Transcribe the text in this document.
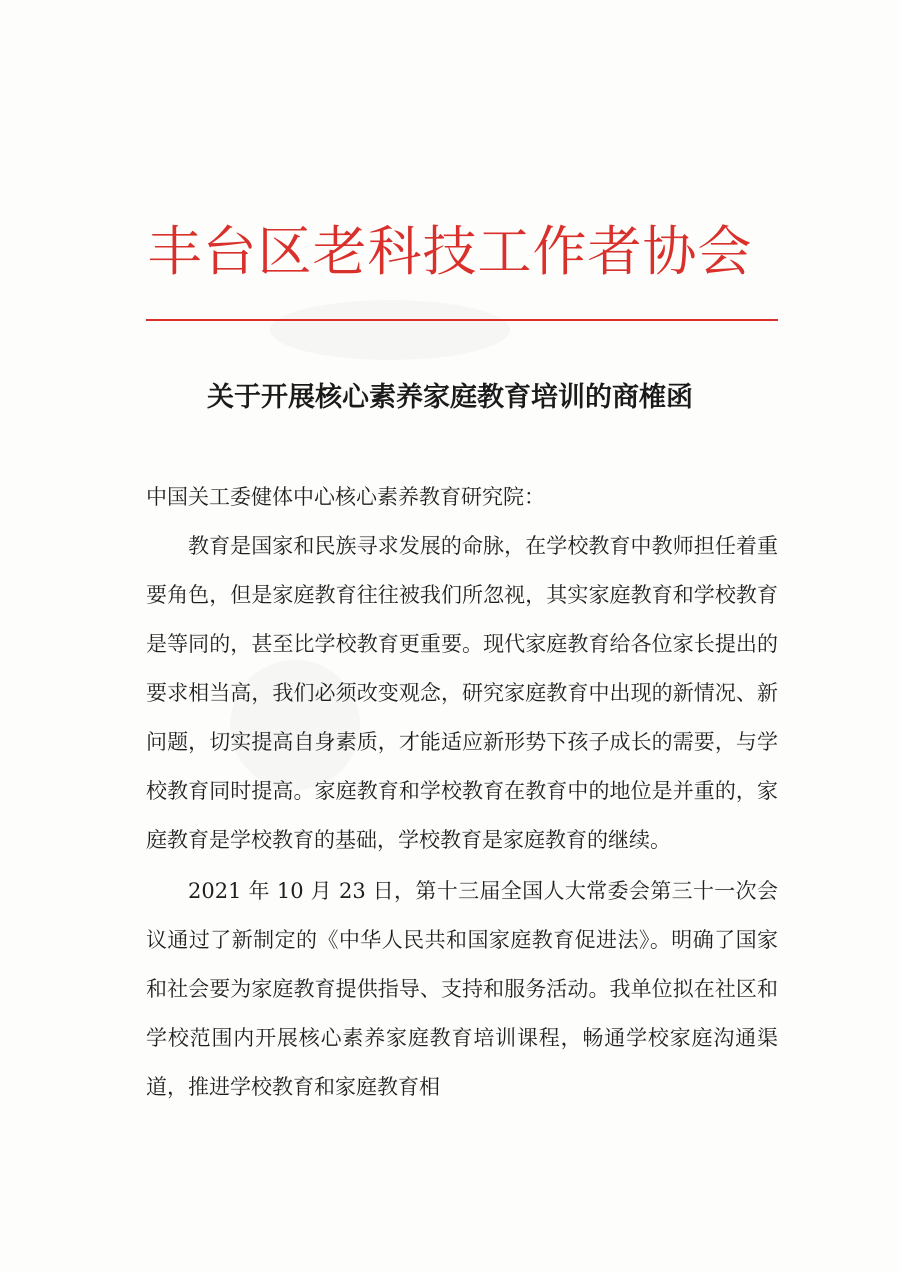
丰台区老科技工作者协会
关于开展核心素养家庭教育培训的商榷函

中国关工委健体中心核心素养教育研究院：

教育是国家和民族寻求发展的命脉，在学校教育中教师担任着重要角色，但是家庭教育往往被我们所忽视，其实家庭教育和学校教育是等同的，甚至比学校教育更重要。现代家庭教育给各位家长提出的要求相当高，我们必须改变观念，研究家庭教育中出现的新情况、新问题，切实提高自身素质，才能适应新形势下孩子成长的需要，与学校教育同时提高。家庭教育和学校教育在教育中的地位是并重的，家庭教育是学校教育的基础，学校教育是家庭教育的继续。

2021 年 10 月 23 日，第十三届全国人大常委会第三十一次会议通过了新制定的《中华人民共和国家庭教育促进法》。明确了国家和社会要为家庭教育提供指导、支持和服务活动。我单位拟在社区和学校范围内开展核心素养家庭教育培训课程，畅通学校家庭沟通渠道，推进学校教育和家庭教育相
